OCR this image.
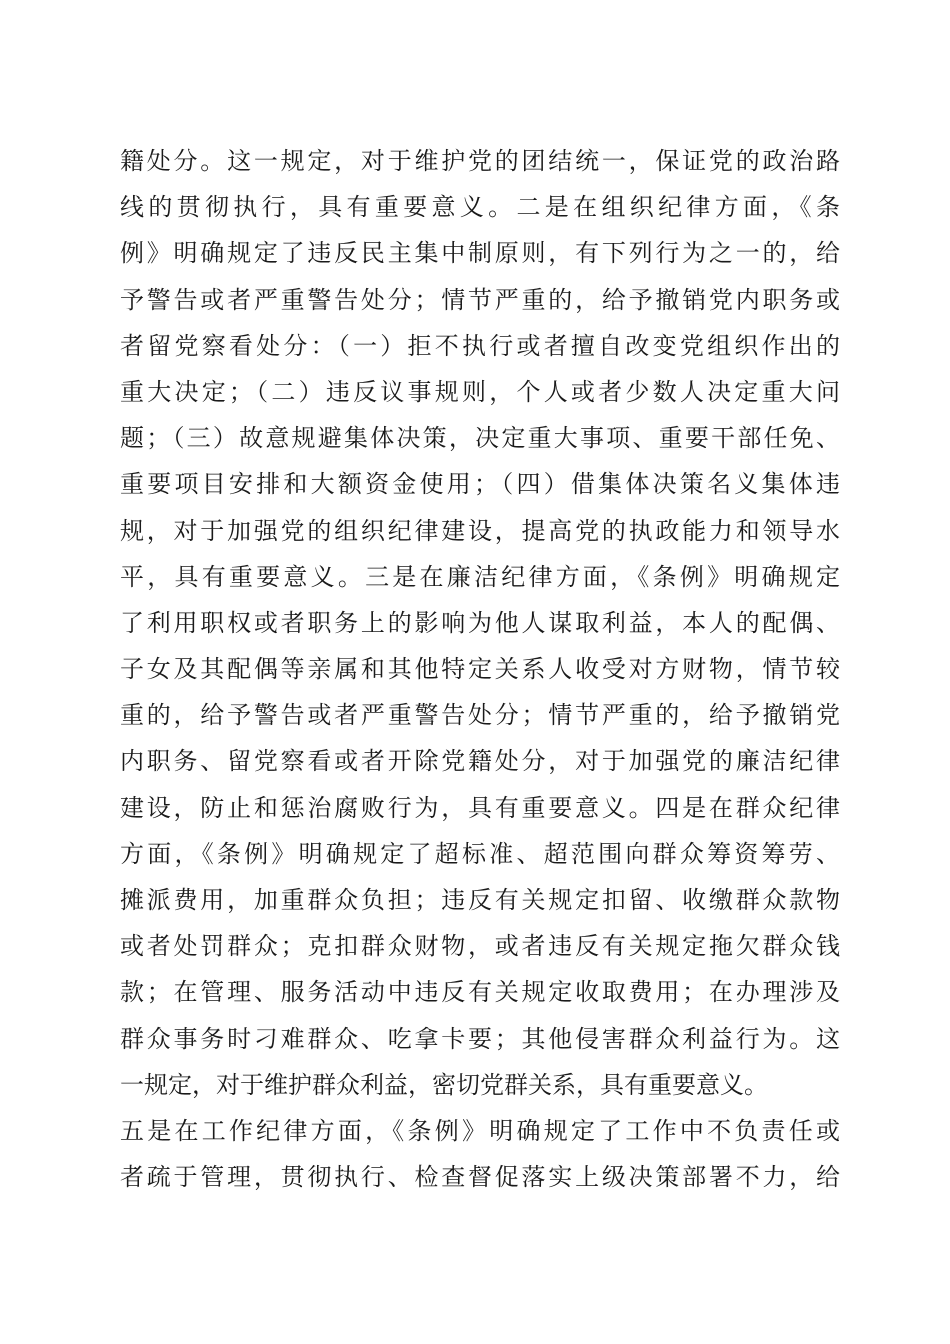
籍处分。这一规定，对于维护党的团结统一，保证党的政治路
线的贯彻执行，具有重要意义。二是在组织纪律方面，《条
例》明确规定了违反民主集中制原则，有下列行为之一的，给
予警告或者严重警告处分；情节严重的，给予撤销党内职务或
者留党察看处分：（一）拒不执行或者擅自改变党组织作出的
重大决定；（二）违反议事规则，个人或者少数人决定重大问
题；（三）故意规避集体决策，决定重大事项、重要干部任免、
重要项目安排和大额资金使用；（四）借集体决策名义集体违
规，对于加强党的组织纪律建设，提高党的执政能力和领导水
平，具有重要意义。三是在廉洁纪律方面，《条例》明确规定
了利用职权或者职务上的影响为他人谋取利益，本人的配偶、
子女及其配偶等亲属和其他特定关系人收受对方财物，情节较
重的，给予警告或者严重警告处分；情节严重的，给予撤销党
内职务、留党察看或者开除党籍处分，对于加强党的廉洁纪律
建设，防止和惩治腐败行为，具有重要意义。四是在群众纪律
方面，《条例》明确规定了超标准、超范围向群众筹资筹劳、
摊派费用，加重群众负担；违反有关规定扣留、收缴群众款物
或者处罚群众；克扣群众财物，或者违反有关规定拖欠群众钱
款；在管理、服务活动中违反有关规定收取费用；在办理涉及
群众事务时刁难群众、吃拿卡要；其他侵害群众利益行为。这
一规定，对于维护群众利益，密切党群关系，具有重要意义。
五是在工作纪律方面，《条例》明确规定了工作中不负责任或
者疏于管理，贯彻执行、检查督促落实上级决策部署不力，给
